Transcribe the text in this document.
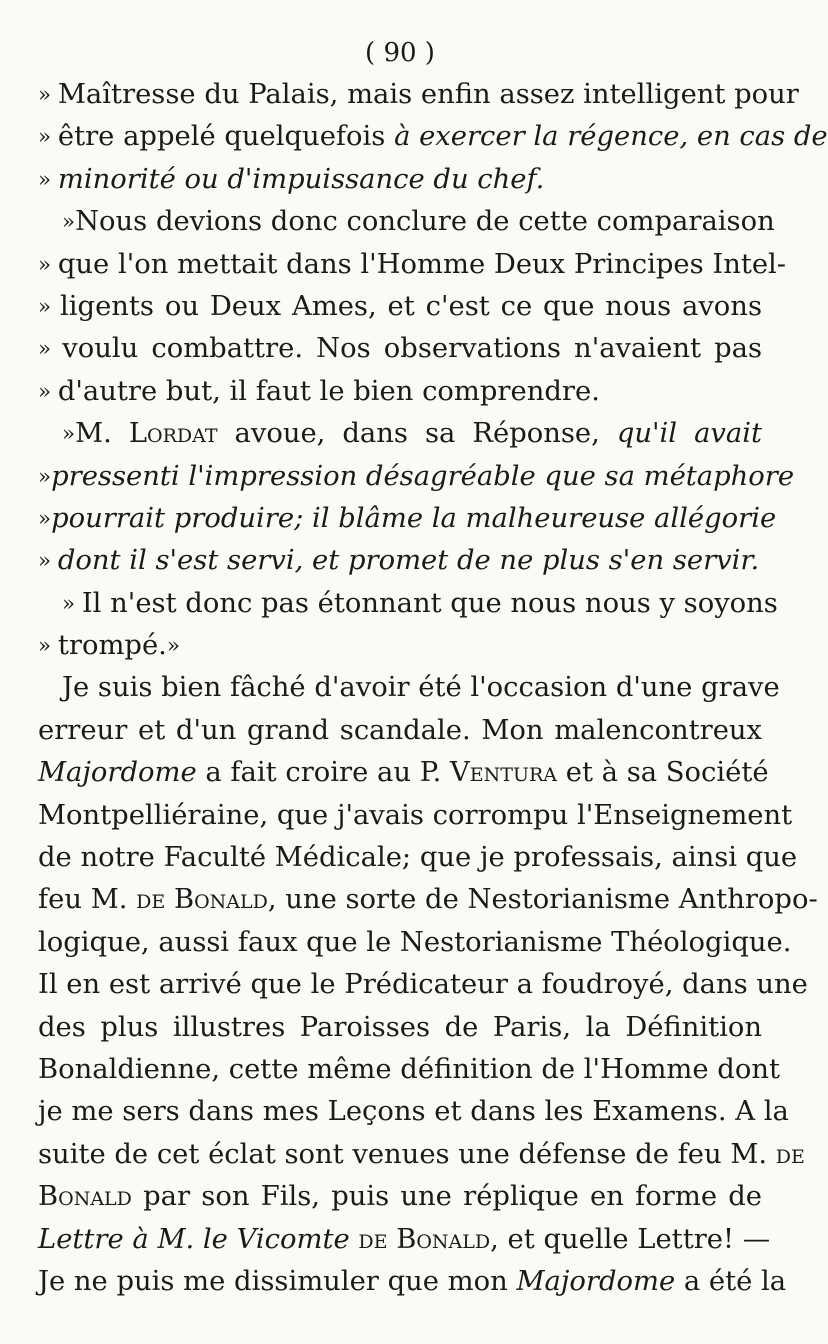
( 90 )
» Maîtresse du Palais, mais enfin assez intelligent pour
» être appelé quelquefois à exercer la régence, en cas de
» minorité ou d'impuissance du chef.
»Nous devions donc conclure de cette comparaison
» que l'on mettait dans l'Homme Deux Principes Intel-
» ligents ou Deux Ames, et c'est ce que nous avons
» voulu combattre. Nos observations n'avaient pas
» d'autre but, il faut le bien comprendre.
»M. Lordat avoue, dans sa Réponse, qu'il avait
»pressenti l'impression désagréable que sa métaphore
»pourrait produire; il blâme la malheureuse allégorie
» dont il s'est servi, et promet de ne plus s'en servir.
» Il n'est donc pas étonnant que nous nous y soyons
» trompé.»
Je suis bien fâché d'avoir été l'occasion d'une grave
erreur et d'un grand scandale. Mon malencontreux
Majordome a fait croire au P. Ventura et à sa Société
Montpelliéraine, que j'avais corrompu l'Enseignement
de notre Faculté Médicale; que je professais, ainsi que
feu M. de Bonald, une sorte de Nestorianisme Anthropo-
logique, aussi faux que le Nestorianisme Théologique.
Il en est arrivé que le Prédicateur a foudroyé, dans une
des plus illustres Paroisses de Paris, la Définition
Bonaldienne, cette même définition de l'Homme dont
je me sers dans mes Leçons et dans les Examens. A la
suite de cet éclat sont venues une défense de feu M. de
Bonald par son Fils, puis une réplique en forme de
Lettre à M. le Vicomte de Bonald, et quelle Lettre! —
Je ne puis me dissimuler que mon Majordome a été la
